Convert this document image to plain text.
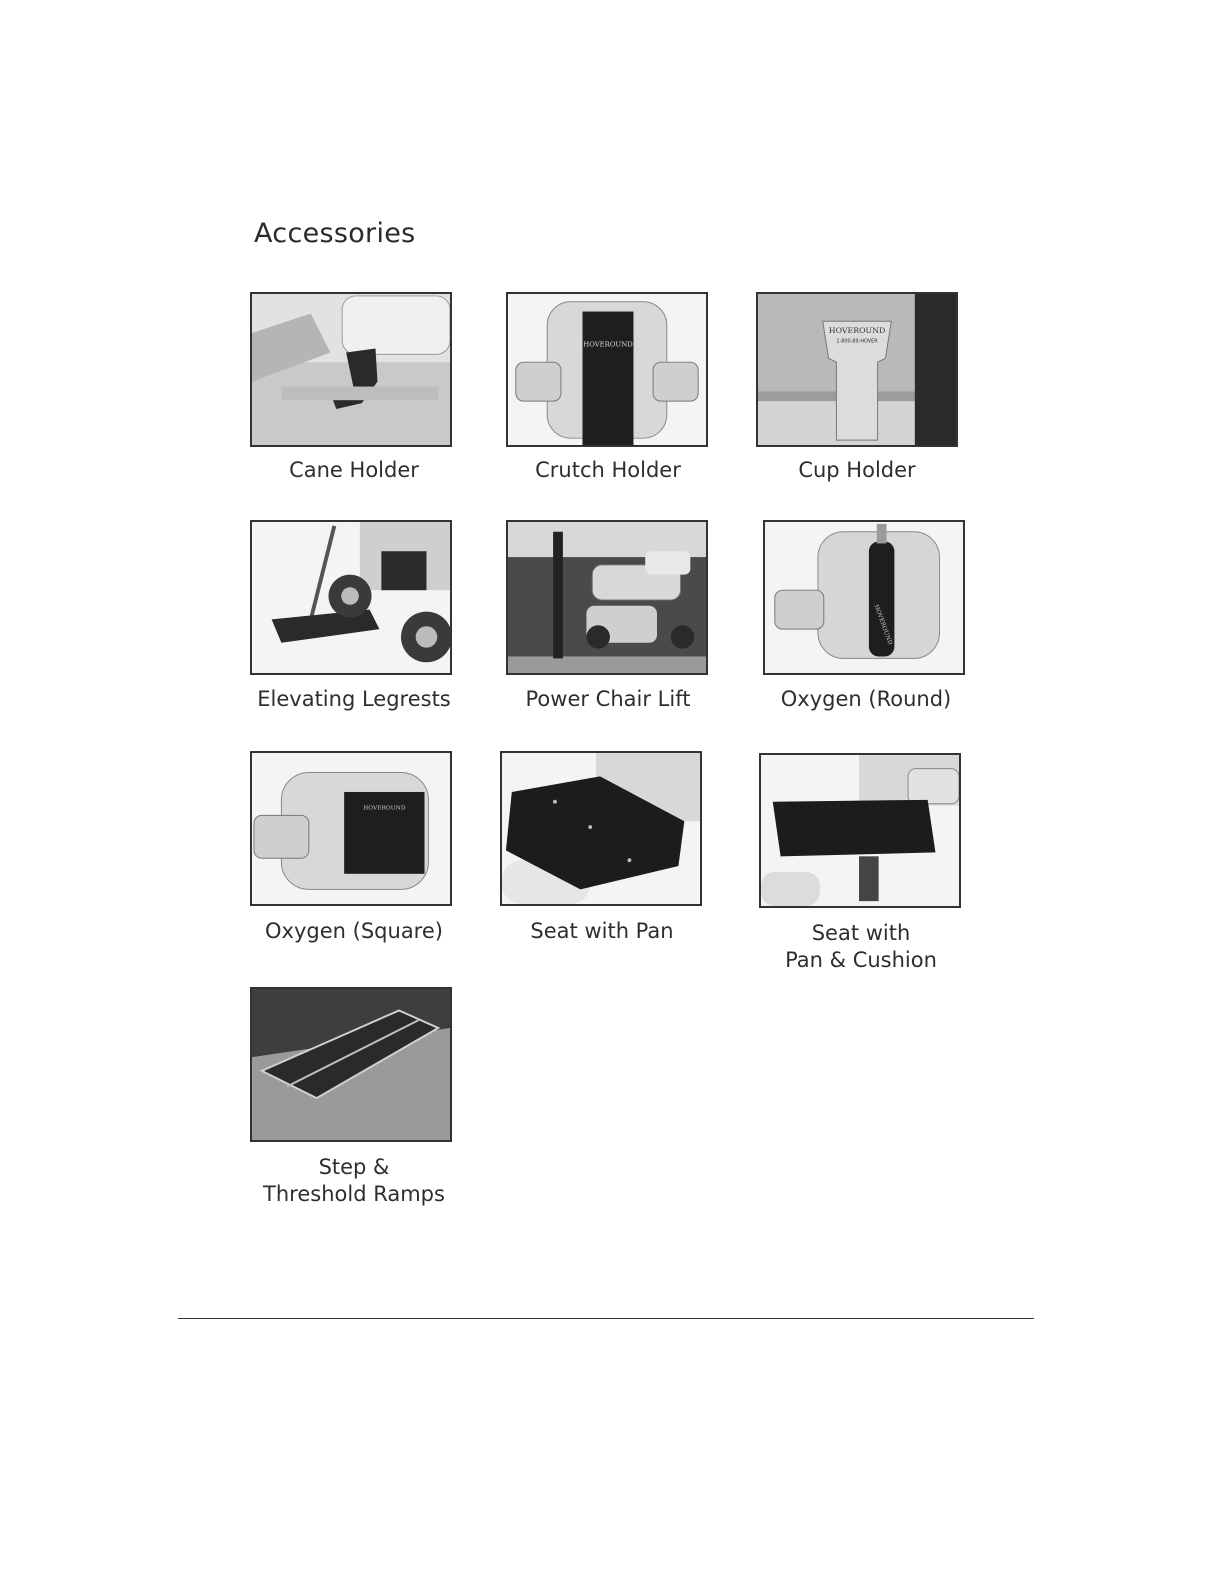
Accessories
Cane Holder
HOVEROUND
Crutch Holder
HOVEROUND
1-800-89-HOVER
Cup Holder
Elevating Legrests	Power Chair Lift
HOVEROUND
Oxygen (Round)
HOVEROUND
Oxygen (Square)	Seat with Pan	Seat with
Pan & Cushion
Step &
Threshold Ramps
